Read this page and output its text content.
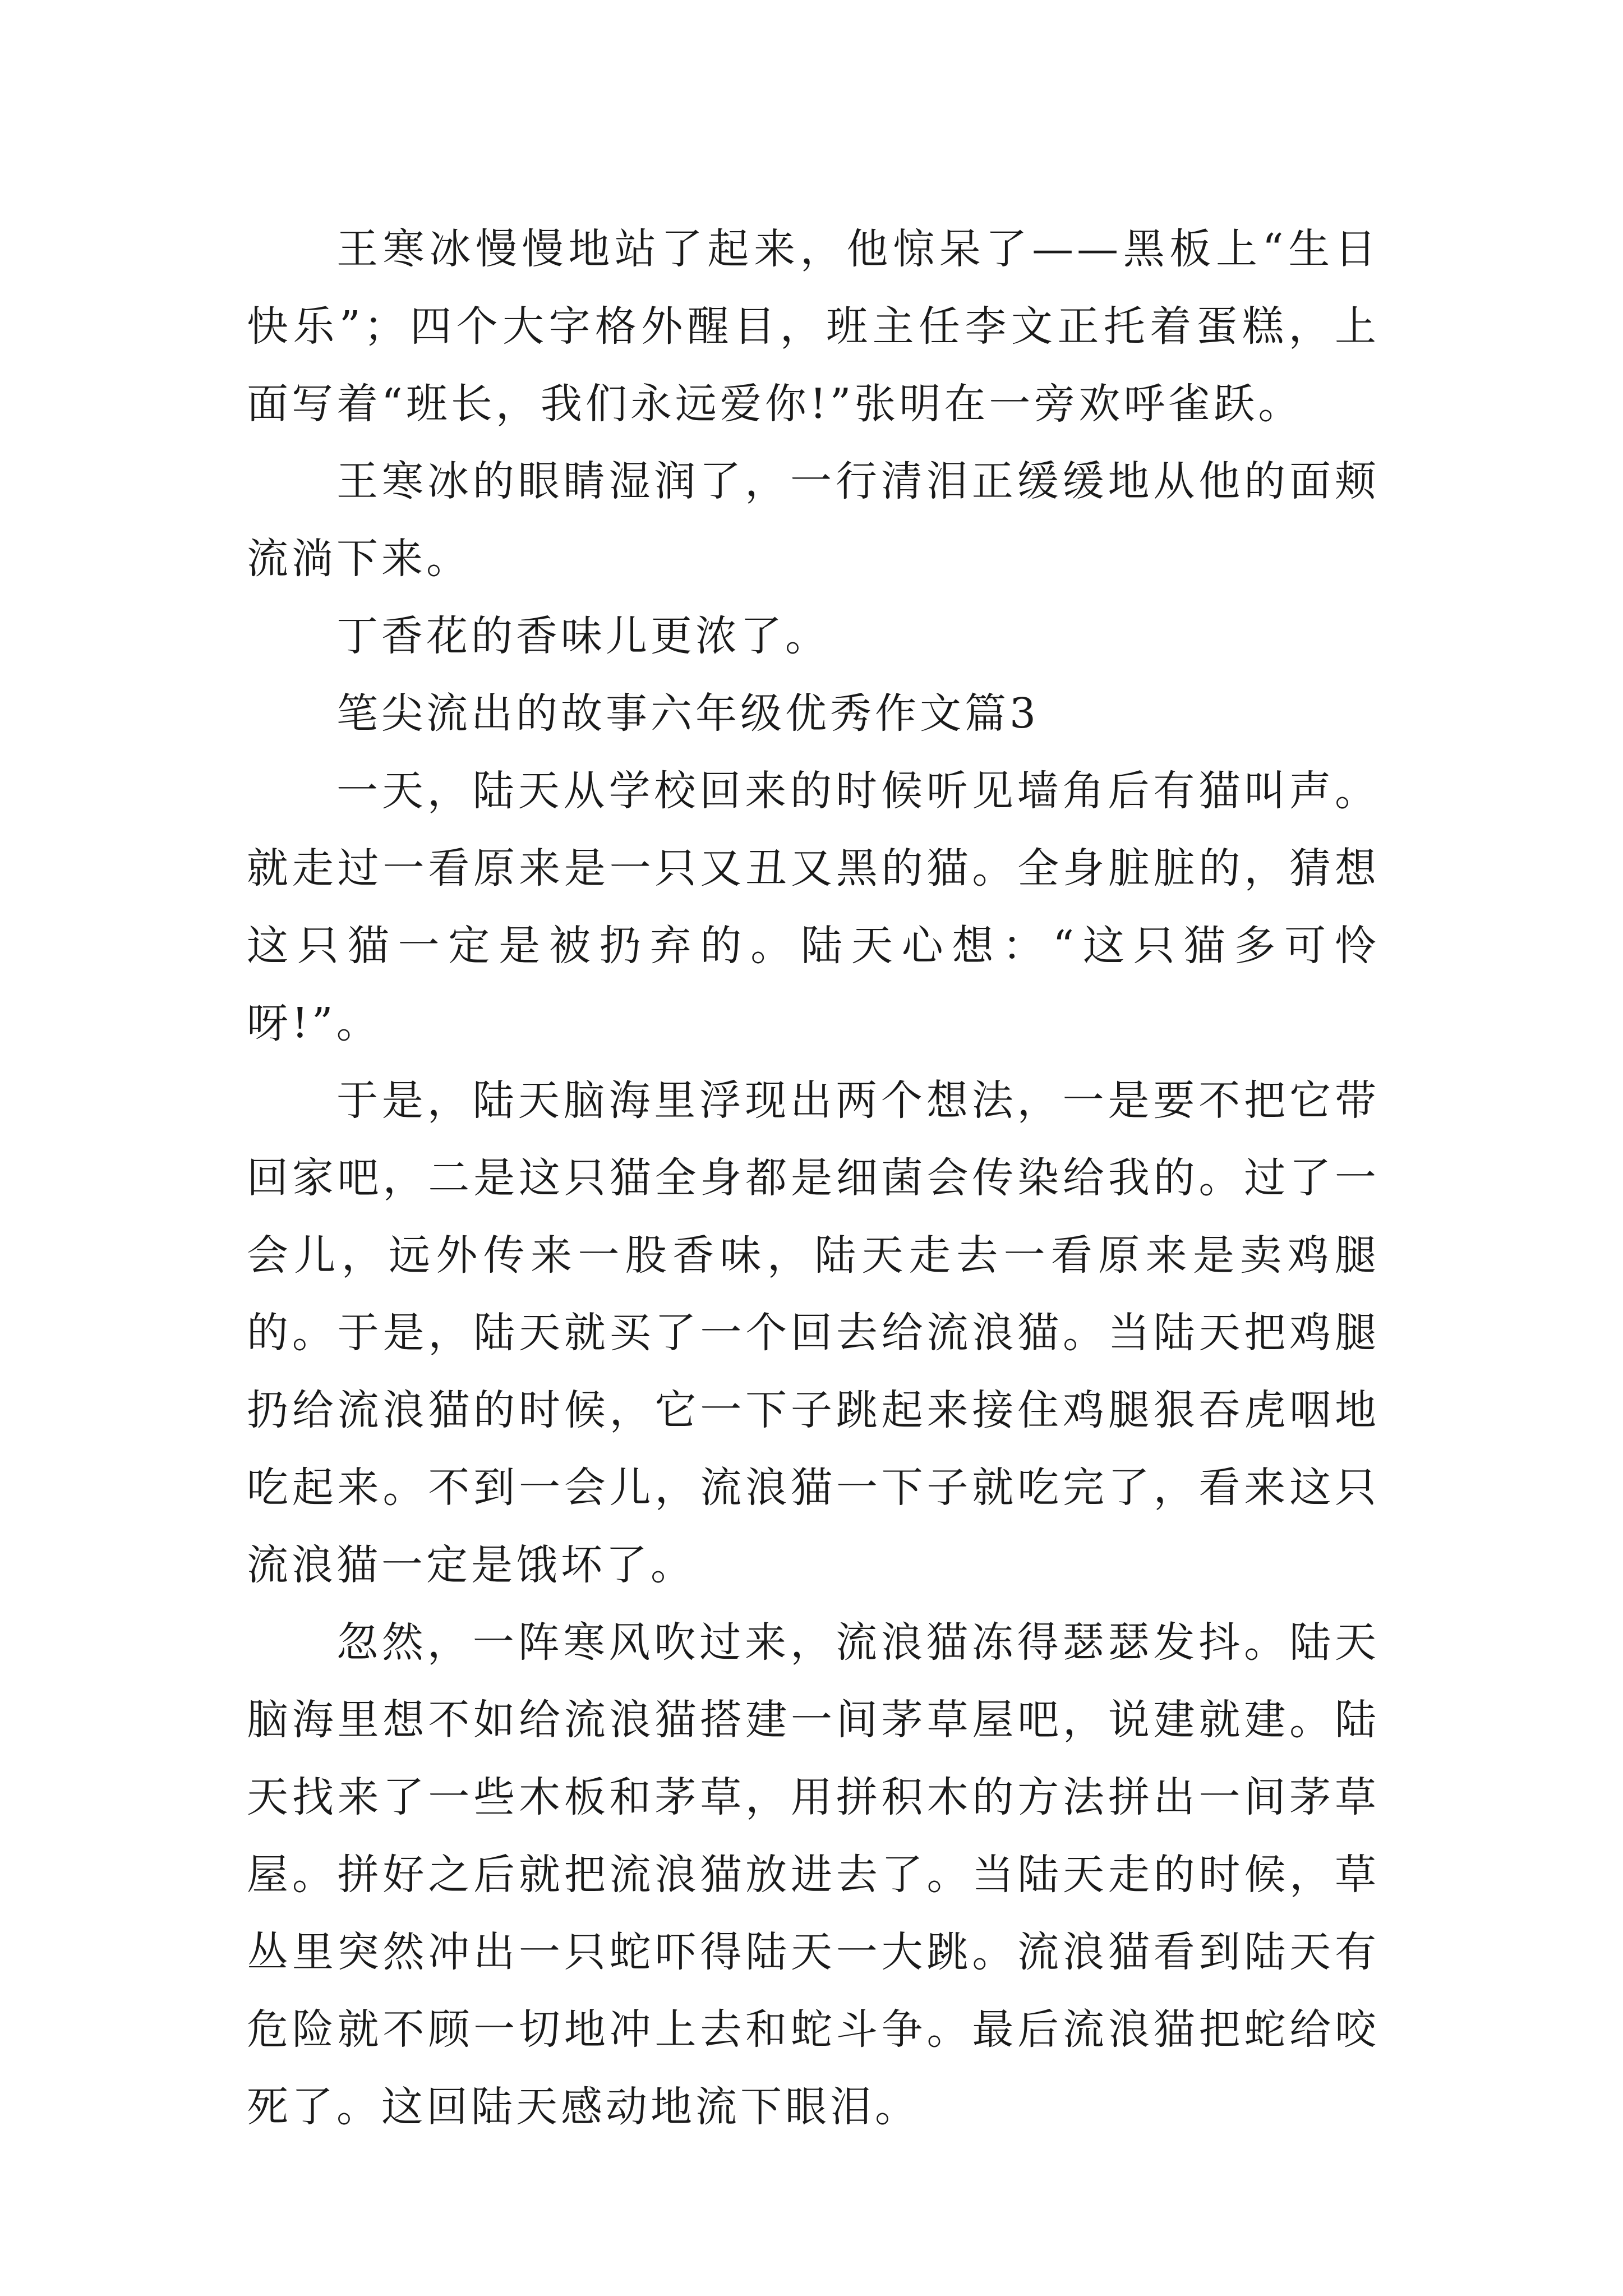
王寒冰慢慢地站了起来，他惊呆了——黑板上“生日快乐”；四个大字格外醒目，班主任李文正托着蛋糕，上面写着“班长，我们永远爱你!”张明在一旁欢呼雀跃。

王寒冰的眼睛湿润了，一行清泪正缓缓地从他的面颊流淌下来。

丁香花的香味儿更浓了。

笔尖流出的故事六年级优秀作文篇3

一天，陆天从学校回来的时候听见墙角后有猫叫声。就走过一看原来是一只又丑又黑的猫。全身脏脏的，猜想这只猫一定是被扔弃的。陆天心想：“这只猫多可怜呀!”。

于是，陆天脑海里浮现出两个想法，一是要不把它带回家吧，二是这只猫全身都是细菌会传染给我的。过了一会儿，远外传来一股香味，陆天走去一看原来是卖鸡腿的。于是，陆天就买了一个回去给流浪猫。当陆天把鸡腿扔给流浪猫的时候，它一下子跳起来接住鸡腿狠吞虎咽地吃起来。不到一会儿，流浪猫一下子就吃完了，看来这只流浪猫一定是饿坏了。

忽然，一阵寒风吹过来，流浪猫冻得瑟瑟发抖。陆天脑海里想不如给流浪猫搭建一间茅草屋吧，说建就建。陆天找来了一些木板和茅草，用拼积木的方法拼出一间茅草屋。拼好之后就把流浪猫放进去了。当陆天走的时候，草丛里突然冲出一只蛇吓得陆天一大跳。流浪猫看到陆天有危险就不顾一切地冲上去和蛇斗争。最后流浪猫把蛇给咬死了。这回陆天感动地流下眼泪。
